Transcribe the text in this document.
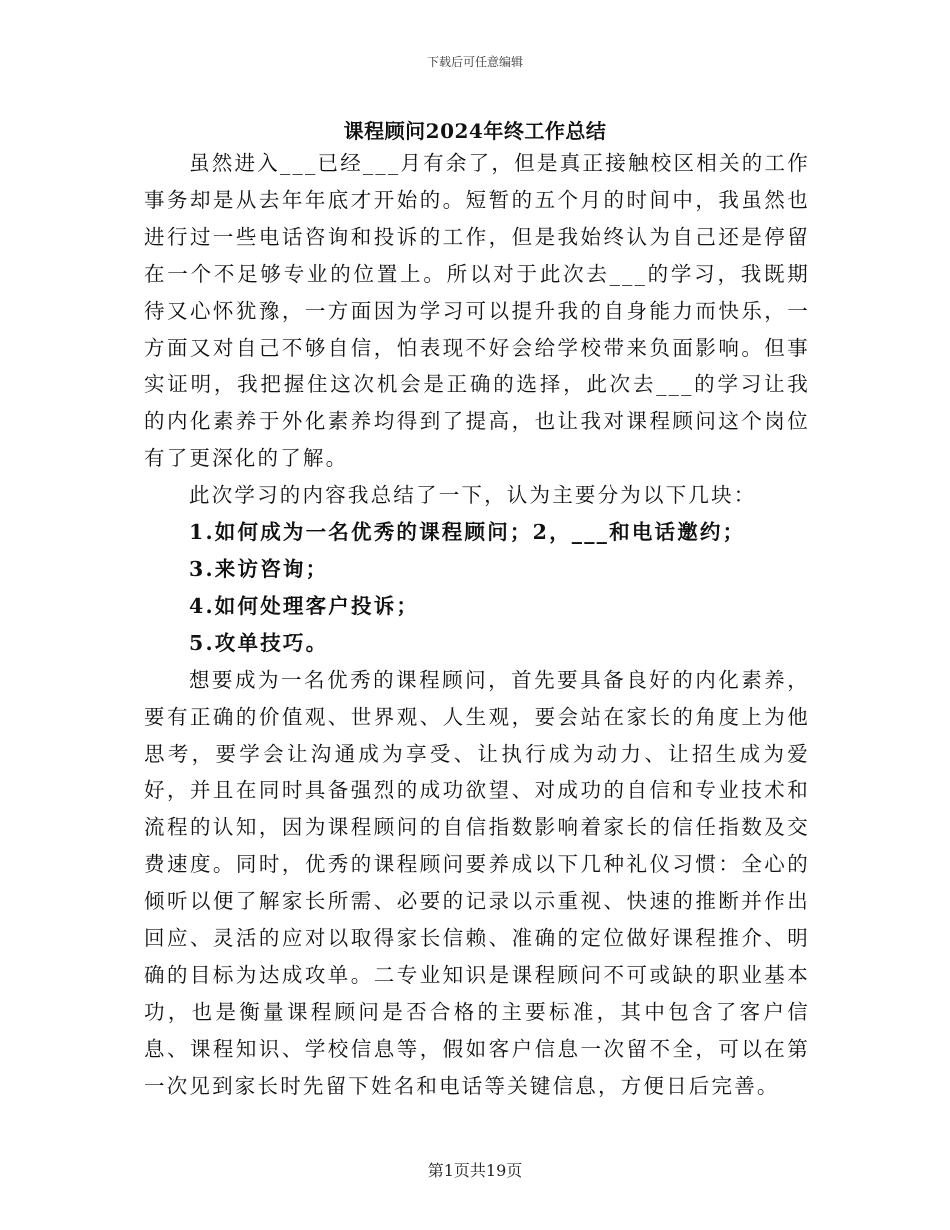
下载后可任意编辑
课程顾问2024年终工作总结

虽然进入___已经___月有余了，但是真正接触校区相关的工作事务却是从去年年底才开始的。短暂的五个月的时间中，我虽然也进行过一些电话咨询和投诉的工作，但是我始终认为自己还是停留在一个不足够专业的位置上。所以对于此次去___的学习，我既期待又心怀犹豫，一方面因为学习可以提升我的自身能力而快乐，一方面又对自己不够自信，怕表现不好会给学校带来负面影响。但事实证明，我把握住这次机会是正确的选择，此次去___的学习让我的内化素养于外化素养均得到了提高，也让我对课程顾问这个岗位有了更深化的了解。

此次学习的内容我总结了一下，认为主要分为以下几块：

1.如何成为一名优秀的课程顾问；2，___和电话邀约；

3.来访咨询；

4.如何处理客户投诉；

5.攻单技巧。

想要成为一名优秀的课程顾问，首先要具备良好的内化素养，要有正确的价值观、世界观、人生观，要会站在家长的角度上为他思考，要学会让沟通成为享受、让执行成为动力、让招生成为爱好，并且在同时具备强烈的成功欲望、对成功的自信和专业技术和流程的认知，因为课程顾问的自信指数影响着家长的信任指数及交费速度。同时，优秀的课程顾问要养成以下几种礼仪习惯：全心的倾听以便了解家长所需、必要的记录以示重视、快速的推断并作出回应、灵活的应对以取得家长信赖、准确的定位做好课程推介、明确的目标为达成攻单。二专业知识是课程顾问不可或缺的职业基本功，也是衡量课程顾问是否合格的主要标准，其中包含了客户信息、课程知识、学校信息等，假如客户信息一次留不全，可以在第一次见到家长时先留下姓名和电话等关键信息，方便日后完善。

第1页共19页
